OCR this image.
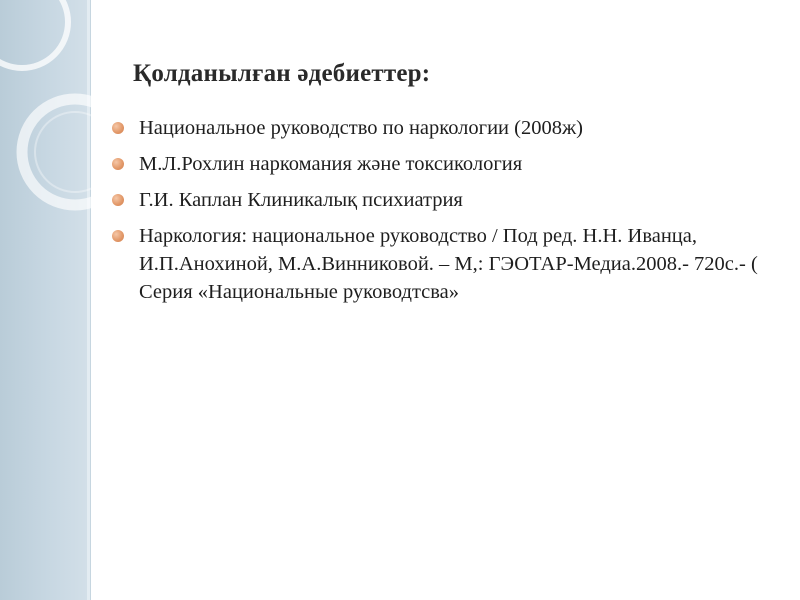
Қолданылған әдебиеттер:
Национальное руководство по наркологии (2008ж)
М.Л.Рохлин наркомания және токсикология
Г.И. Каплан Клиникалық психиатрия
Наркология: национальное руководство / Под ред. Н.Н. Иванца, И.П.Анохиной, М.А.Винниковой. – М,: ГЭОТАР-Медиа.2008.- 720с.- ( Серия «Национальные руководтсва»
